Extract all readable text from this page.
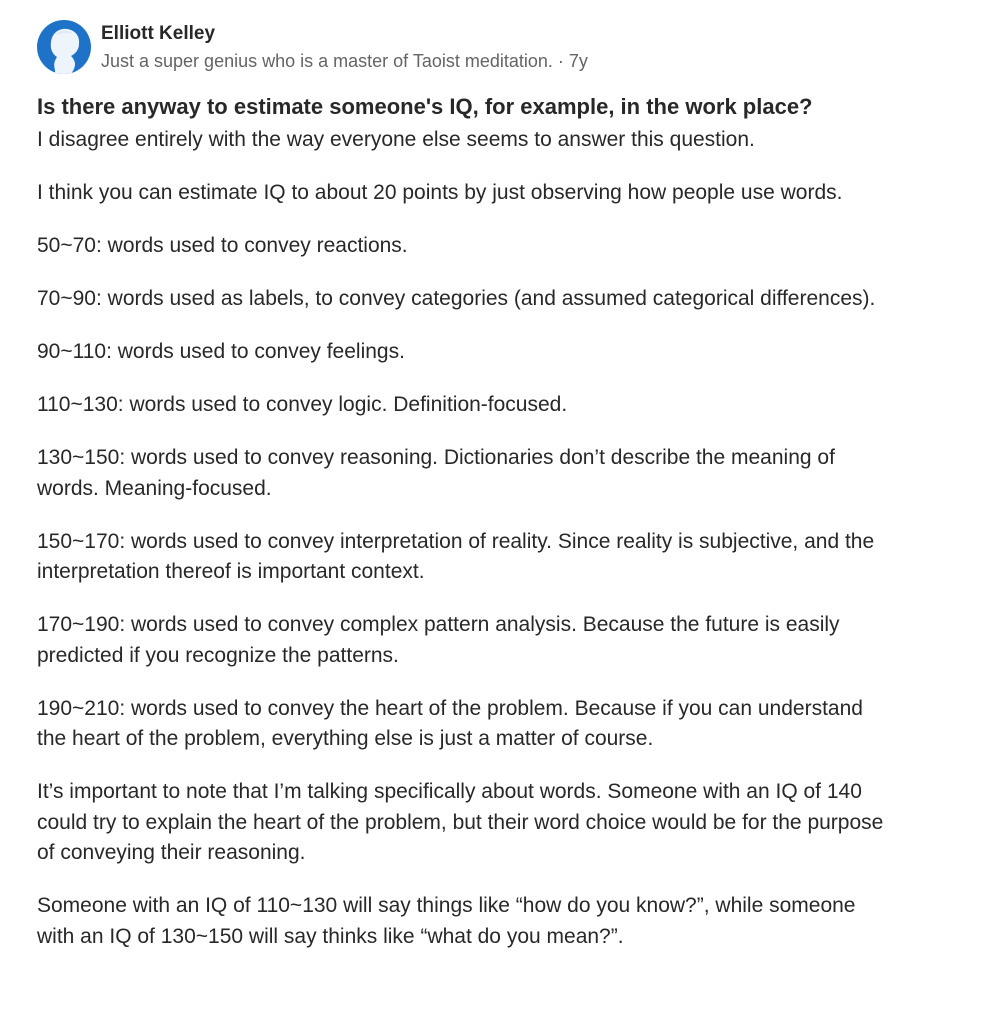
Elliott Kelley
Just a super genius who is a master of Taoist meditation. · 7y
Is there anyway to estimate someone's IQ, for example, in the work place?

I disagree entirely with the way everyone else seems to answer this question.

I think you can estimate IQ to about 20 points by just observing how people use words.

50~70: words used to convey reactions.

70~90: words used as labels, to convey categories (and assumed categorical differences).

90~110: words used to convey feelings.

110~130: words used to convey logic. Definition-focused.

130~150: words used to convey reasoning. Dictionaries don’t describe the meaning of words. Meaning-focused.

150~170: words used to convey interpretation of reality. Since reality is subjective, and the interpretation thereof is important context.

170~190: words used to convey complex pattern analysis. Because the future is easily predicted if you recognize the patterns.

190~210: words used to convey the heart of the problem. Because if you can understand the heart of the problem, everything else is just a matter of course.

It’s important to note that I’m talking specifically about words. Someone with an IQ of 140 could try to explain the heart of the problem, but their word choice would be for the purpose of conveying their reasoning.

Someone with an IQ of 110~130 will say things like “how do you know?”, while someone with an IQ of 130~150 will say thinks like “what do you mean?”.
